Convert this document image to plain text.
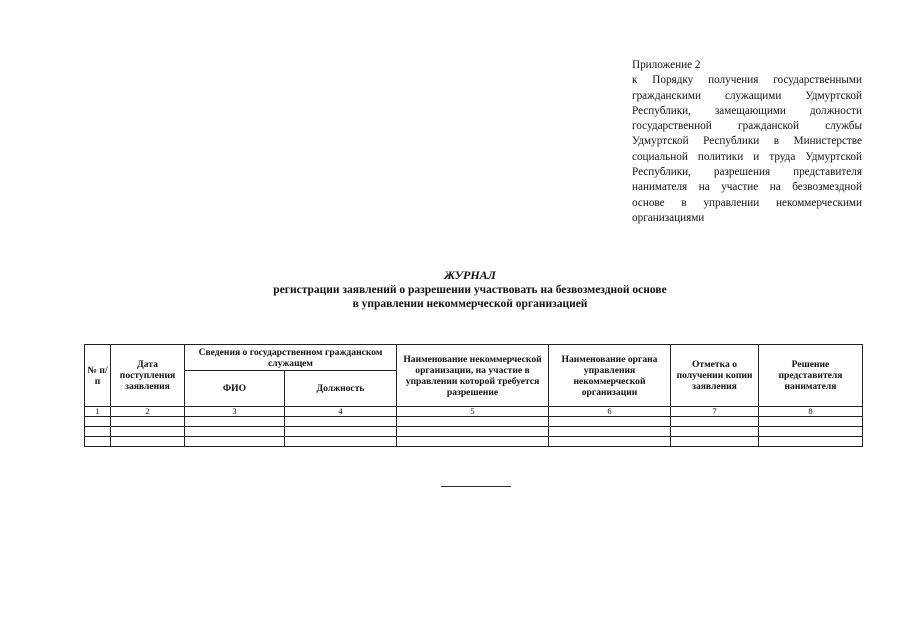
Приложение 2
к Порядку получения государственными гражданскими служащими Удмуртской Республики, замещающими должности государственной гражданской службы Удмуртской Республики в Министерстве социальной политики и труда Удмуртской Республики, разрешения представителя нанимателя на участие на безвозмездной основе в управлении некоммерческими организациями
ЖУРНАЛ
регистрации заявлений о разрешении участвовать на безвозмездной основе
в управлении некоммерческой организацией
№ п/п	Дата поступления заявления	Сведения о государственном гражданском служащем		Наименование некоммерческой организации, на участие в управлении которой требуется разрешение	Наименование органа управления некоммерческой организации	Отметка о получении копии заявления	Решение представителя нанимателя
		ФИО	Должность				
1	2	3	4	5	6	7	8
